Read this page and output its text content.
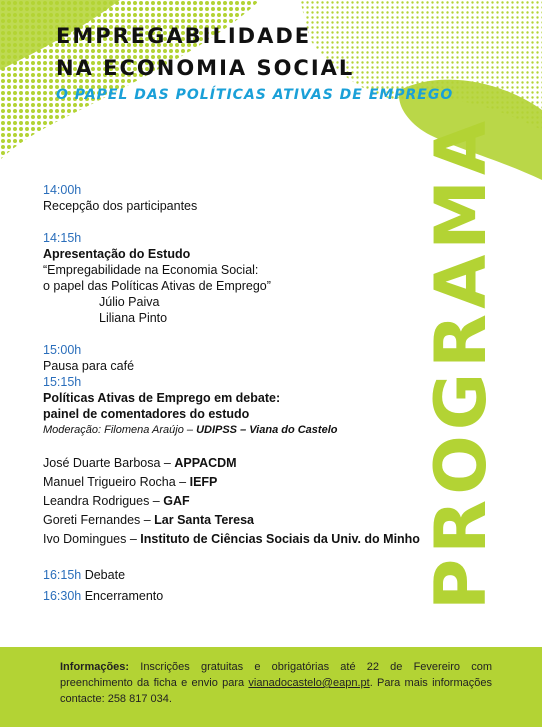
EMPREGABILIDADE
NA ECONOMIA SOCIAL
O PAPEL DAS POLÍTICAS ATIVAS DE EMPREGO
PROGRAMA
14:00h
Recepção dos participantes
14:15h
Apresentação do Estudo
“Empregabilidade na Economia Social:
o papel das Políticas Ativas de Emprego”
Júlio Paiva
Liliana Pinto
15:00h
Pausa para café
15:15h
Políticas Ativas de Emprego em debate:
painel de comentadores do estudo
Moderação: Filomena Araújo – UDIPSS – Viana do Castelo
José Duarte Barbosa – APPACDM
Manuel Trigueiro Rocha – IEFP
Leandra Rodrigues – GAF
Goreti Fernandes – Lar Santa Teresa
Ivo Domingues – Instituto de Ciências Sociais da Univ. do Minho
16:15h Debate
16:30h Encerramento
Informações: Inscrições gratuitas e obrigatórias até 22 de Fevereiro com preenchimento da ficha e envio para vianadocastelo@eapn.pt. Para mais informações contacte: 258 817 034.
